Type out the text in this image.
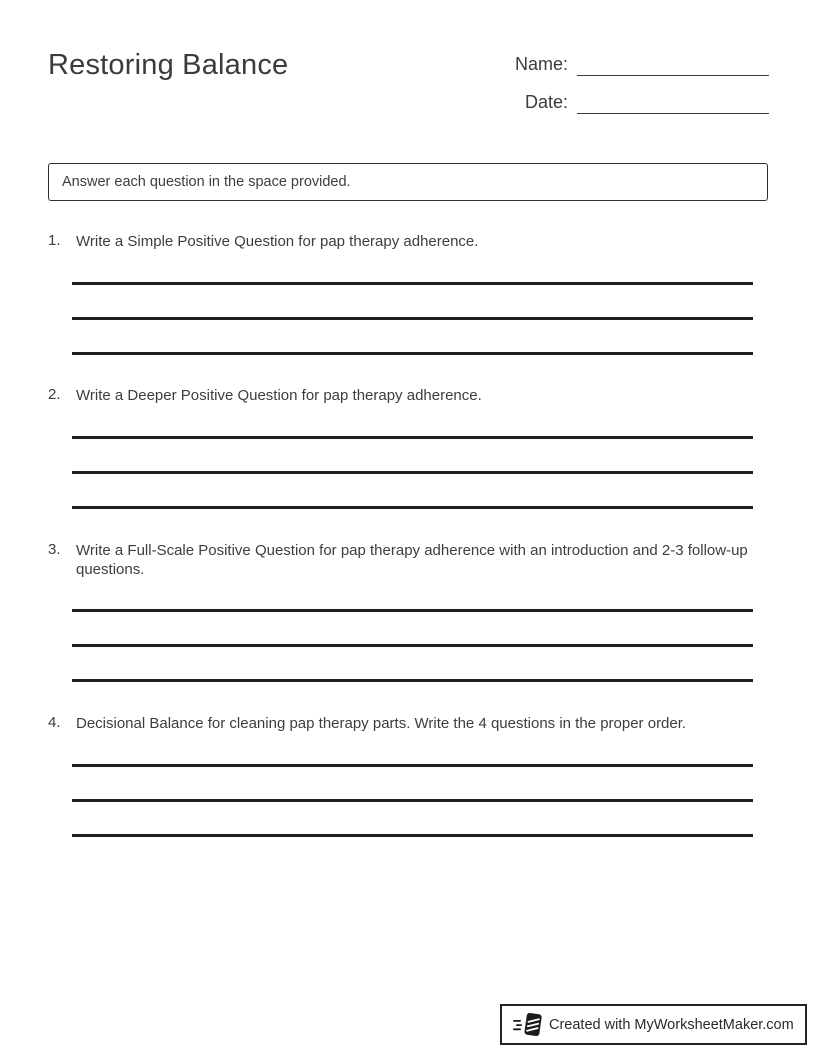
Restoring Balance	Name:
Date:
Answer each question in the space provided.
1.	Write a Simple Positive Question for pap therapy adherence.
2.	Write a Deeper Positive Question for pap therapy adherence.
3.	Write a Full-Scale Positive Question for pap therapy adherence with an introduction and 2-3 follow-up questions.
4.	Decisional Balance for cleaning pap therapy parts. Write the 4 questions in the proper order.
Created with MyWorksheetMaker.com
